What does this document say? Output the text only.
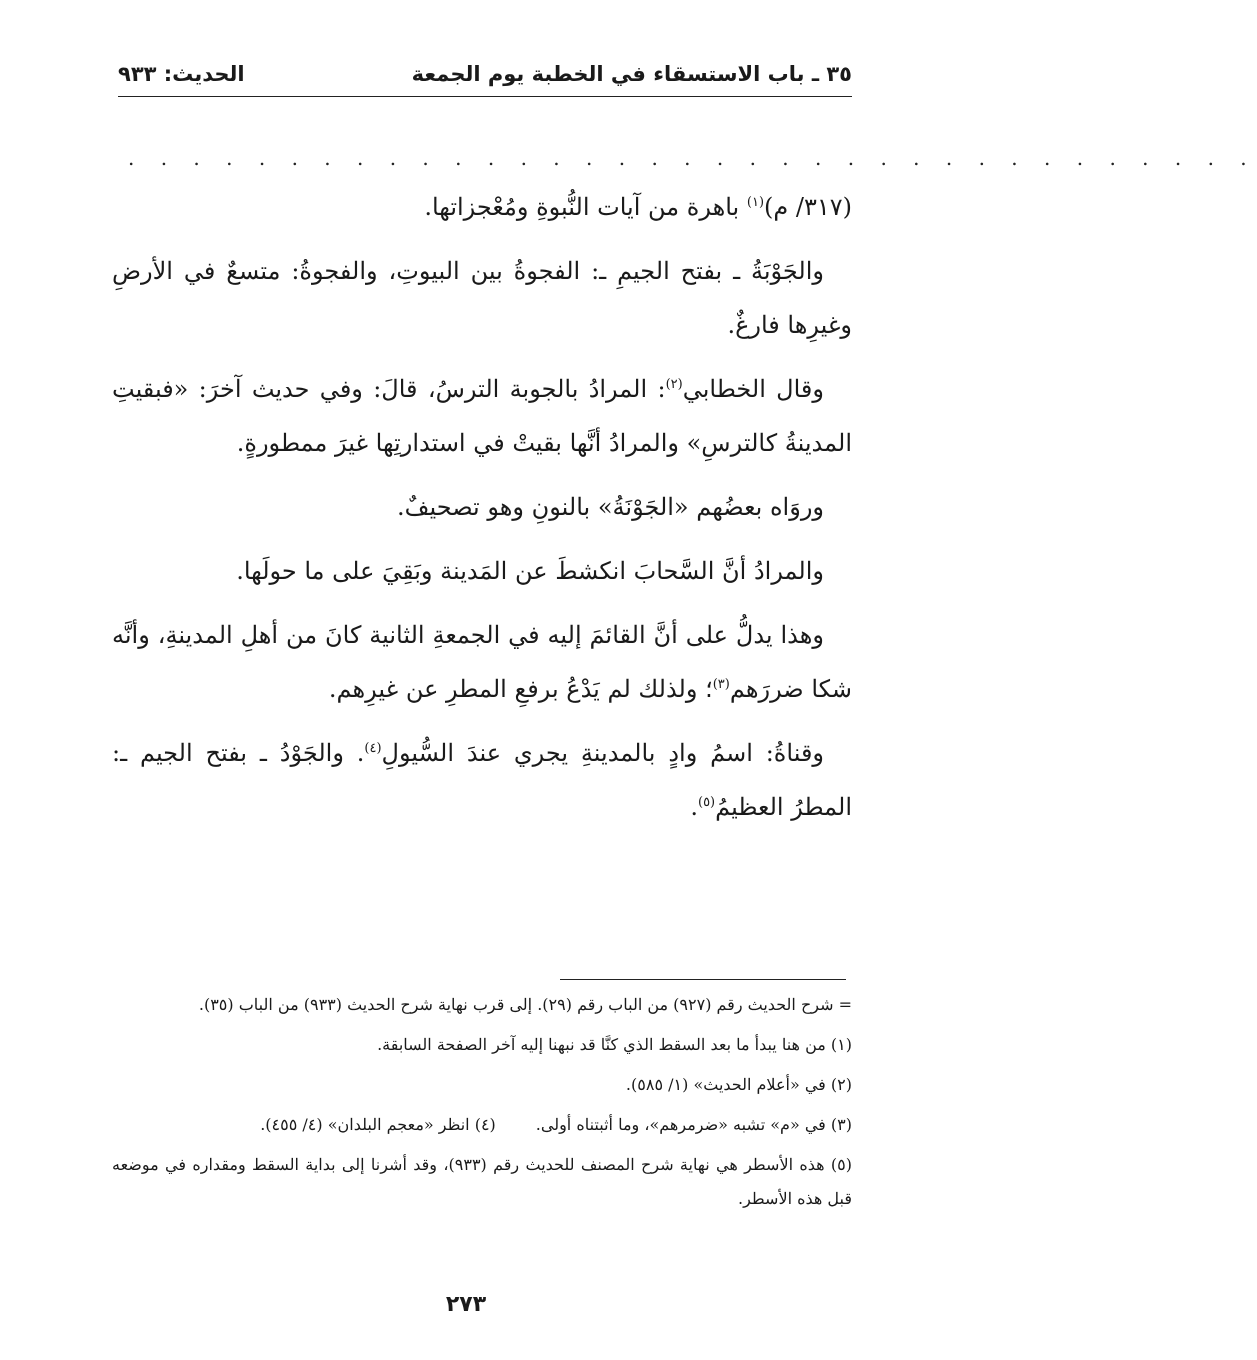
٣٥ ـ باب الاستسقاء في الخطبة يوم الجمعة
الحديث: ٩٣٣
. . . . . . . . . . . . . . . . . . . . . . . . . . . . . . . . . . .

(٣١٧/ م)$^{(١)}$ باهرة من آيات النُّبوةِ ومُعْجزاتها.

والجَوْبَةُ ـ بفتح الجيمِ ـ: الفجوةُ بين البيوتِ، والفجوةُ: متسعٌ في الأرضِ وغيرِها فارغٌ.

وقال الخطابي$^{(٢)}$: المرادُ بالجوبة الترسُ، قالَ: وفي حديث آخرَ: «فبقيتِ المدينةُ كالترسِ» والمرادُ أنَّها بقيتْ في استدارتِها غيرَ ممطورةٍ.

وروَاه بعضُهم «الجَوْنَةُ» بالنونِ وهو تصحيفٌ.

والمرادُ أنَّ السَّحابَ انكشطَ عن المَدينة وبَقِيَ على ما حولَها.

وهذا يدلُّ على أنَّ القائمَ إليه في الجمعةِ الثانية كانَ من أهلِ المدينةِ، وأنَّه شكا ضررَهم$^{(٣)}$؛ ولذلك لم يَدْعُ برفعِ المطرِ عن غيرِهم.

وقناةُ: اسمُ وادٍ بالمدينةِ يجري عندَ السُّيولِ$^{(٤)}$. والجَوْدُ ـ بفتح الجيم ـ: المطرُ العظيمُ$^{(٥)}$.

= شرح الحديث رقم (٩٢٧) من الباب رقم (٢٩). إلى قرب نهاية شرح الحديث (٩٣٣) من الباب (٣٥).
(١) من هنا يبدأ ما بعد السقط الذي كنَّا قد نبهنا إليه آخر الصفحة السابقة.
(٢) في «أعلام الحديث» (١/ ٥٨٥).
(٣) في «م» تشبه «ضرمرهم»، وما أثبتناه أولى.
(٤) انظر «معجم البلدان» (٤/ ٤٥٥).
(٥) هذه الأسطر هي نهاية شرح المصنف للحديث رقم (٩٣٣)، وقد أشرنا إلى بداية السقط ومقداره في موضعه قبل هذه الأسطر.
٢٧٣
